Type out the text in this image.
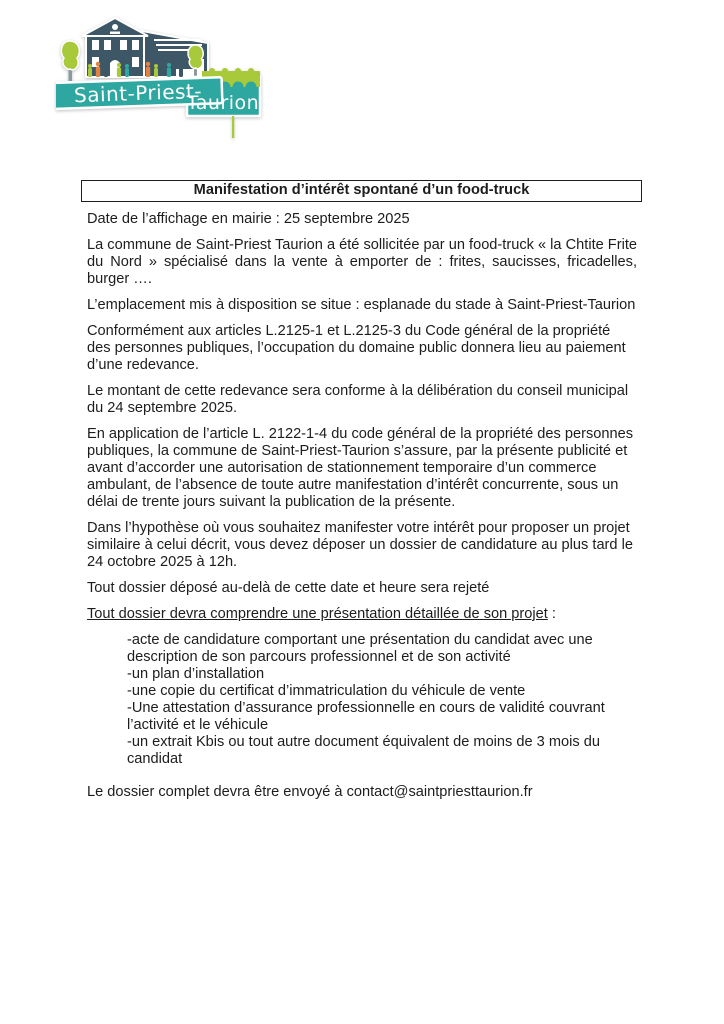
Saint-Priest-
Taurion
Manifestation d’intérêt spontané d’un food-truck

Date de l’affichage en mairie : 25 septembre 2025

La commune de Saint-Priest Taurion a été sollicitée par un food-truck « la Chtite Frite du Nord » spécialisé dans la vente à emporter de : frites, saucisses, fricadelles, burger ….

L’emplacement mis à disposition se situe : esplanade du stade à Saint-Priest-Taurion

Conformément aux articles L.2125-1 et L.2125-3 du Code général de la propriété des personnes publiques, l’occupation du domaine public donnera lieu au paiement d’une redevance.

Le montant de cette redevance sera conforme à la délibération du conseil municipal du 24 septembre 2025.

En application de l’article L. 2122-1-4 du code général de la propriété des personnes publiques, la commune de Saint-Priest-Taurion s’assure, par la présente publicité et avant d’accorder une autorisation de stationnement temporaire d’un commerce ambulant, de l’absence de toute autre manifestation d’intérêt concurrente, sous un délai de trente jours suivant la publication de la présente.

Dans l’hypothèse où vous souhaitez manifester votre intérêt pour proposer un projet similaire à celui décrit, vous devez déposer un dossier de candidature au plus tard le 24 octobre 2025 à 12h.

Tout dossier déposé au-delà de cette date et heure sera rejeté

Tout dossier devra comprendre une présentation détaillée de son projet :

-acte de candidature comportant une présentation du candidat avec une description de son parcours professionnel et de son activité
-un plan d’installation
-une copie du certificat d’immatriculation du véhicule de vente
-Une attestation d’assurance professionnelle en cours de validité couvrant l’activité et le véhicule
-un extrait Kbis ou tout autre document équivalent de moins de 3 mois du candidat

Le dossier complet devra être envoyé à contact@saintpriesttaurion.fr
